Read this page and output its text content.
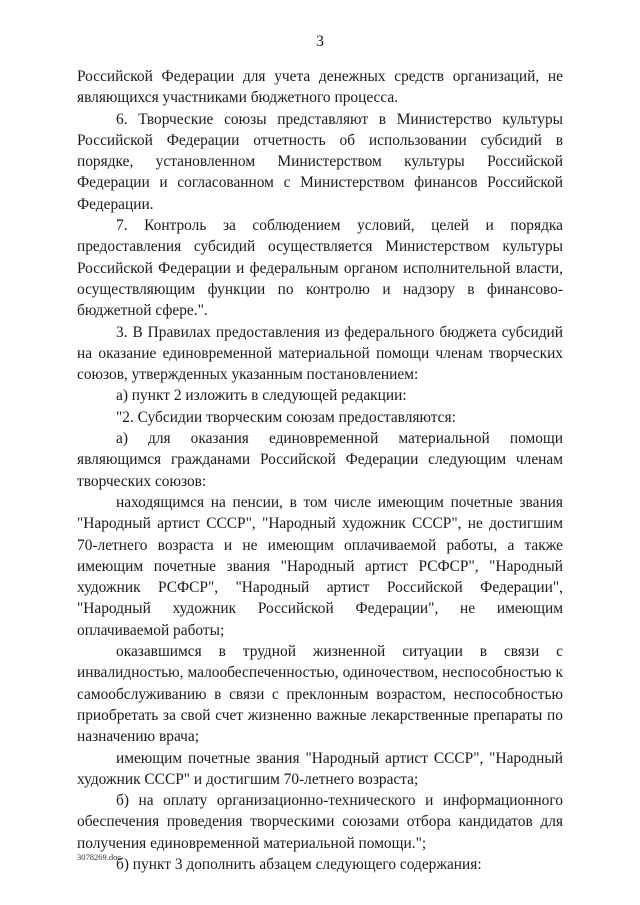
3

Российской Федерации для учета денежных средств организаций, не являющихся участниками бюджетного процесса.

6. Творческие союзы представляют в Министерство культуры Российской Федерации отчетность об использовании субсидий в порядке, установленном Министерством культуры Российской Федерации и согласованном с Министерством финансов Российской Федерации.

7. Контроль за соблюдением условий, целей и порядка предоставления субсидий осуществляется Министерством культуры Российской Федерации и федеральным органом исполнительной власти, осуществляющим функции по контролю и надзору в финансово-бюджетной сфере.".

3. В Правилах предоставления из федерального бюджета субсидий на оказание единовременной материальной помощи членам творческих союзов, утвержденных указанным постановлением:

а) пункт 2 изложить в следующей редакции:

"2. Субсидии творческим союзам предоставляются:

а) для оказания единовременной материальной помощи являющимся гражданами Российской Федерации следующим членам творческих союзов:

находящимся на пенсии, в том числе имеющим почетные звания "Народный артист СССР", "Народный художник СССР", не достигшим 70-летнего возраста и не имеющим оплачиваемой работы, а также имеющим почетные звания "Народный артист РСФСР", "Народный художник РСФСР", "Народный артист Российской Федерации", "Народный художник Российской Федерации", не имеющим оплачиваемой работы;

оказавшимся в трудной жизненной ситуации в связи с инвалидностью, малообеспеченностью, одиночеством, неспособностью к самообслуживанию в связи с преклонным возрастом, неспособностью приобретать за свой счет жизненно важные лекарственные препараты по назначению врача;

имеющим почетные звания "Народный артист СССР", "Народный художник СССР" и достигшим 70-летнего возраста;

б) на оплату организационно-технического и информационного обеспечения проведения творческими союзами отбора кандидатов для получения единовременной материальной помощи.";

б) пункт 3 дополнить абзацем следующего содержания:

3078269.doc
